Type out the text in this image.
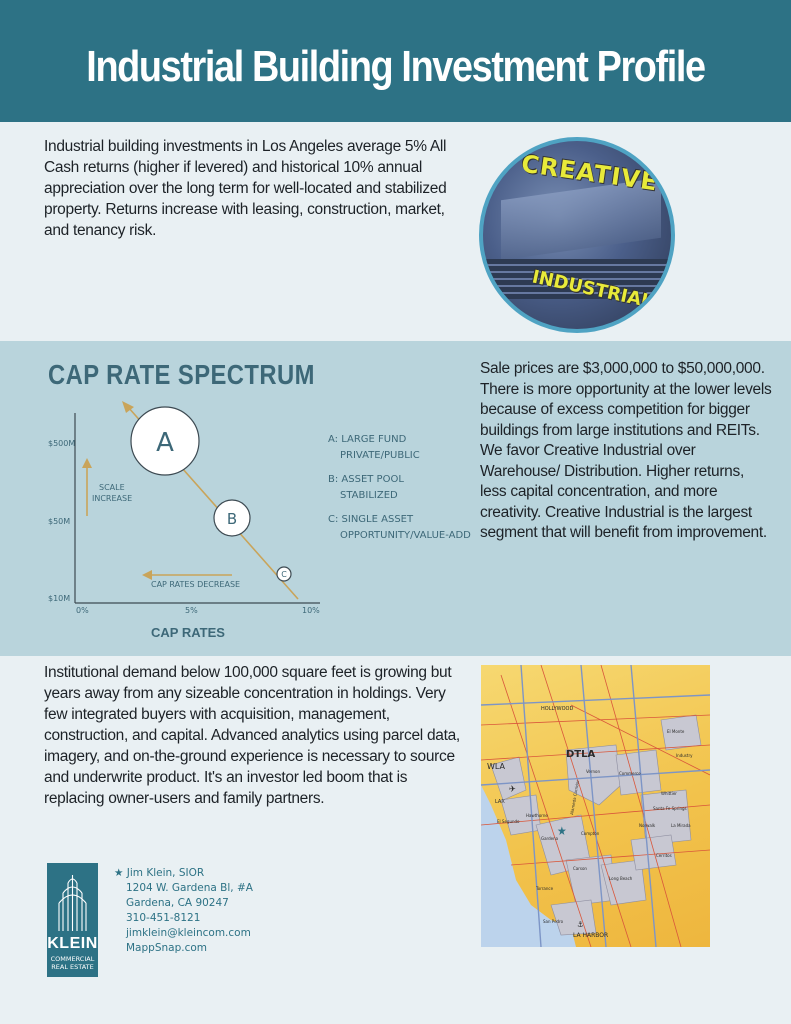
Industrial Building Investment Profile

Industrial building investments in Los Angeles average 5% All Cash returns (higher if levered) and historical 10% annual appreciation over the long term for well-located and stabilized property. Returns increase with leasing, construction, market, and tenancy risk.

CREATIVE
INDUSTRIAL
CAP RATE SPECTRUM
A
B
C
SCALE INCREASE
CAP RATES DECREASE
$500M
$50M
$10M
0%	5%	10%
CAP RATES
A: LARGE FUND
PRIVATE/PUBLIC
B: ASSET POOL
STABILIZED
C: SINGLE ASSET
OPPORTUNITY/VALUE-ADD
Sale prices are $3,000,000 to $50,000,000. There is more opportunity at the lower levels because of excess competition for bigger buildings from large institutions and REITs. We favor Creative Industrial over Warehouse/ Distribution. Higher returns, less capital concentration, and more creativity. Creative Industrial is the largest segment that will benefit from improvement.

Institutional demand below 100,000 square feet is growing but years away from any sizeable concentration in holdings. Very few integrated buyers with acquisition, management, construction, and capital. Advanced analytics using parcel data, imagery, and on-the-ground experience is necessary to source and underwrite product. It's an investor led boom that is replacing owner-users and family partners.

HOLLYWOOD
DTLA
WLA
LAX
El Segundo
Hawthorne
Gardena
Compton
Carson
Torrance
Long Beach
San Pedro
LA HARBOR
Vernon	Commerce
Industry
El Monte
Whittier
Santa Fe Springs
Norwalk	La Mirada
Cerritos
Alameda Corridor
★
✈
⚓
KLEIN
COMMERCIAL
REAL ESTATE
★ Jim Klein, SIOR
1204 W. Gardena Bl, #A
Gardena, CA 90247
310-451-8121
jimklein@kleincom.com
MappSnap.com
